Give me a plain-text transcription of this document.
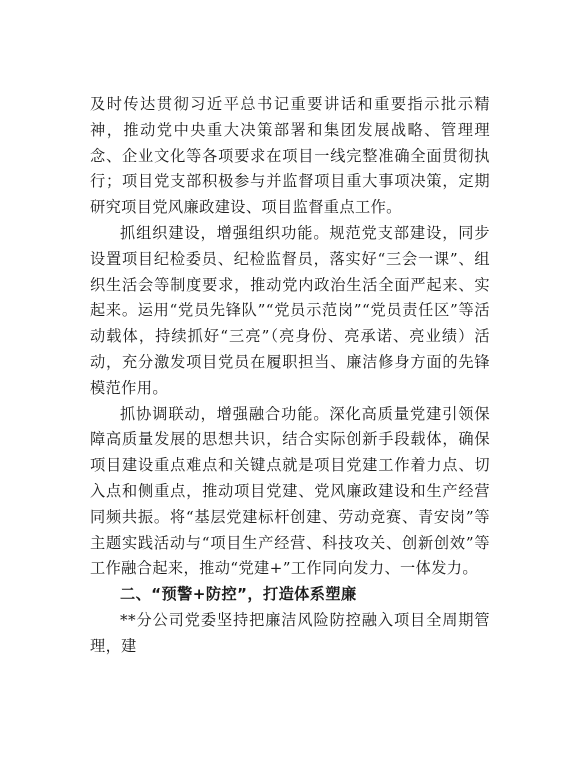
及时传达贯彻习近平总书记重要讲话和重要指示批示精神，推动党中央重大决策部署和集团发展战略、管理理念、企业文化等各项要求在项目一线完整准确全面贯彻执行；项目党支部积极参与并监督项目重大事项决策，定期研究项目党风廉政建设、项目监督重点工作。

抓组织建设，增强组织功能。规范党支部建设，同步设置项目纪检委员、纪检监督员，落实好“三会一课”、组织生活会等制度要求，推动党内政治生活全面严起来、实起来。运用“党员先锋队”“党员示范岗”“党员责任区”等活动载体，持续抓好“三亮”（亮身份、亮承诺、亮业绩）活动，充分激发项目党员在履职担当、廉洁修身方面的先锋模范作用。

抓协调联动，增强融合功能。深化高质量党建引领保障高质量发展的思想共识，结合实际创新手段载体，确保项目建设重点难点和关键点就是项目党建工作着力点、切入点和侧重点，推动项目党建、党风廉政建设和生产经营同频共振。将“基层党建标杆创建、劳动竞赛、青安岗”等主题实践活动与“项目生产经营、科技攻关、创新创效”等工作融合起来，推动“党建+”工作同向发力、一体发力。

二、“预警+防控”，打造体系塑廉

**分公司党委坚持把廉洁风险防控融入项目全周期管理，建
